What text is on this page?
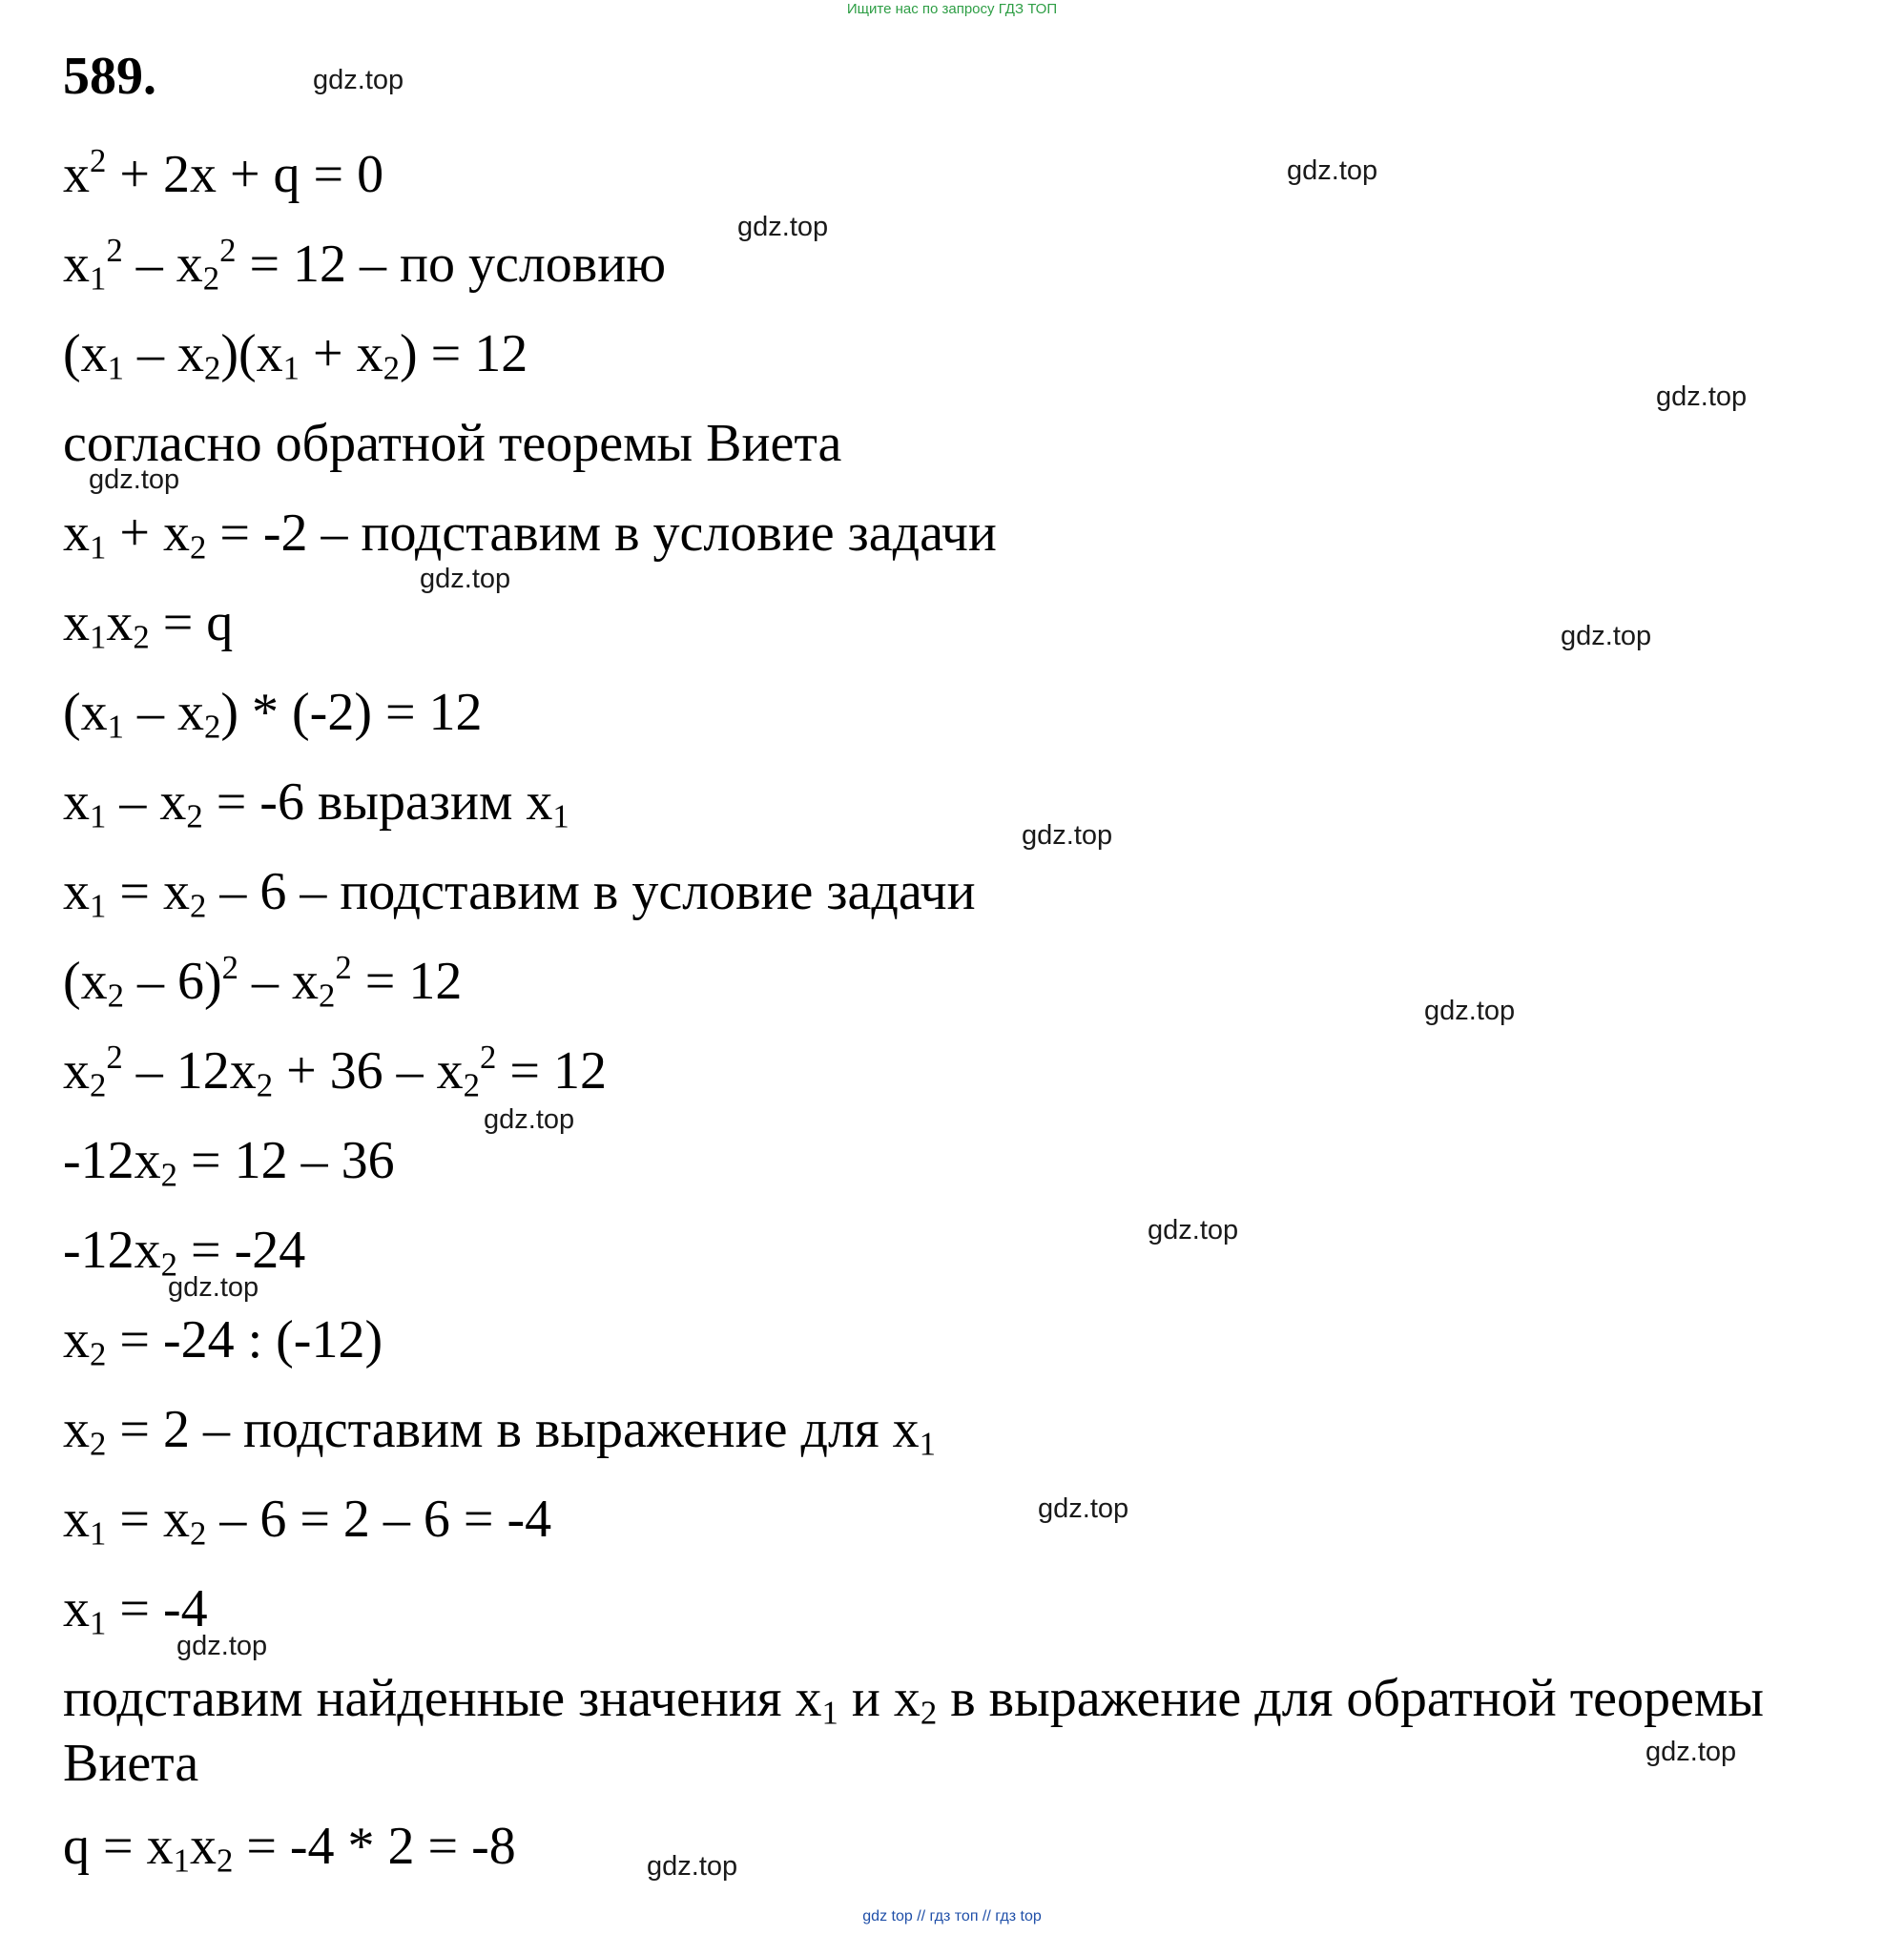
Ищите нас по запросу ГДЗ ТОП
589.
$x^2 + 2x + q = 0$
$x_1^2 - x_2^2 = 12$ – по условию
$(x_1 - x_2)(x_1 + x_2) = 12$
согласно обратной теоремы Виета
$x_1 + x_2 = -2$ – подставим в условие задачи
$x_1x_2 = q$
$(x_1 - x_2) * (-2) = 12$
$x_1 - x_2 = -6$ выразим $x_1$
$x_1 = x_2 - 6$ – подставим в условие задачи
$(x_2 - 6)^2 - x_2^2 = 12$
$x_2^2 - 12x_2 + 36 - x_2^2 = 12$
$-12x_2 = 12 - 36$
$-12x_2 = -24$
$x_2 = -24$ : (-12)
$x_2 = 2$ – подставим в выражение для $x_1$
$x_1 = x_2 - 6 = 2 - 6 = -4$
$x_1 = -4$
подставим найденные значения $x_1$ и $x_2$ в выражение для обратной теоремы
Виета
$q = x_1x_2 = -4 * 2 = -8$
gdz.top
gdz.top
gdz.top
gdz.top
gdz.top
gdz.top
gdz.top
gdz.top
gdz.top
gdz.top
gdz.top
gdz.top
gdz.top
gdz.top
gdz.top
gdz.top
gdz top // гдз топ // гдз top
